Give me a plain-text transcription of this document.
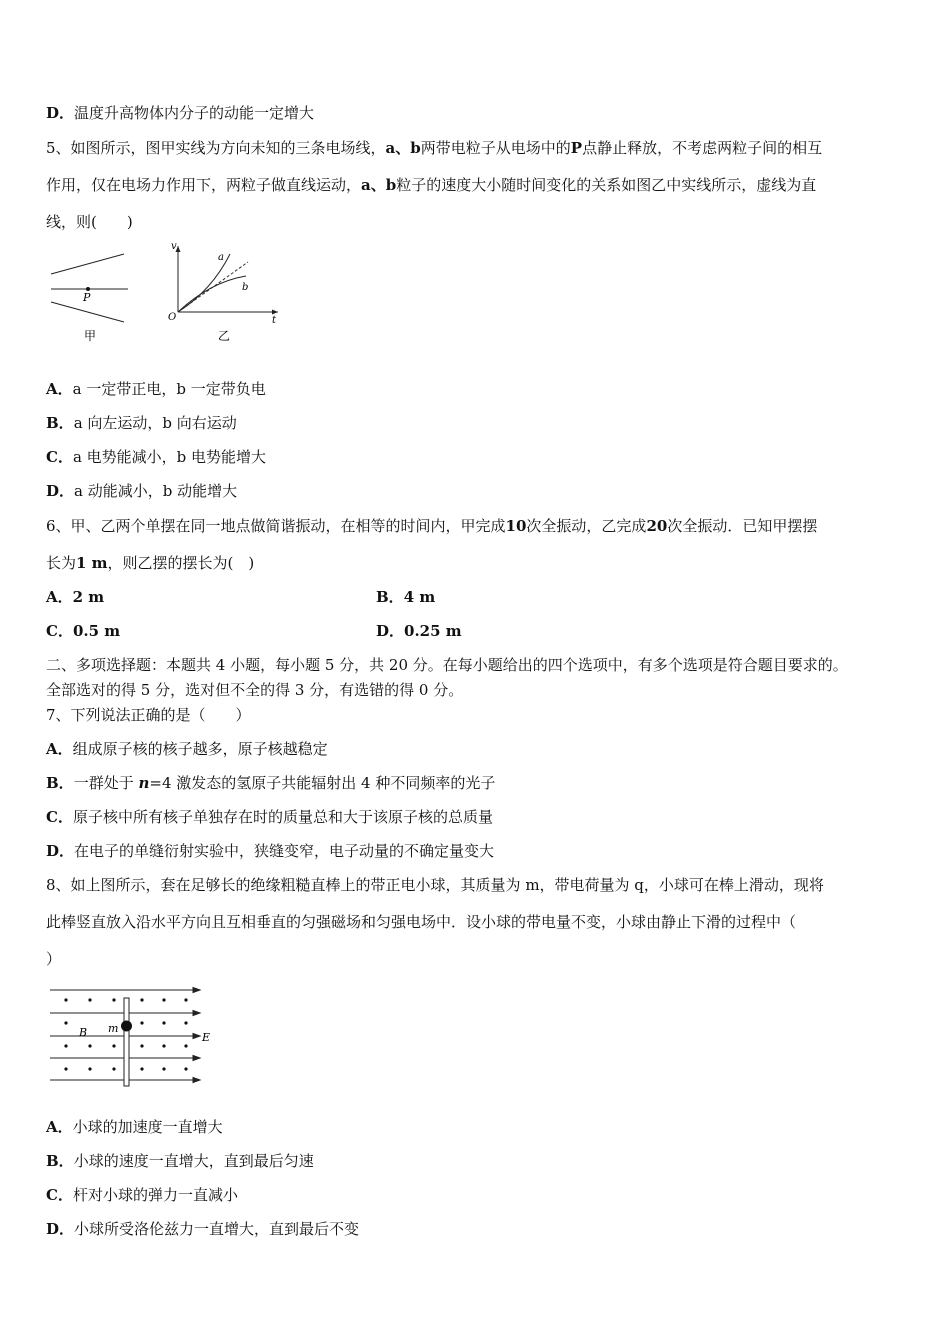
D．温度升高物体内分子的动能一定增大
5、如图所示，图甲实线为方向未知的三条电场线，a、b两带电粒子从电场中的P点静止释放，不考虑两粒子间的相互
作用，仅在电场力作用下，两粒子做直线运动，a、b粒子的速度大小随时间变化的关系如图乙中实线所示，虚线为直
线，则(　　)
P
甲
v
t
O
a
b
乙
A．a 一定带正电，b 一定带负电
B．a 向左运动，b 向右运动
C．a 电势能减小，b 电势能增大
D．a 动能减小，b 动能增大
6、甲、乙两个单摆在同一地点做简谐振动，在相等的时间内，甲完成10次全振动，乙完成20次全振动．已知甲摆摆
长为1 m，则乙摆的摆长为(　)
A．2 m	B．4 m
C．0.5 m	D．0.25 m
二、多项选择题：本题共 4 小题，每小题 5 分，共 20 分。在每小题给出的四个选项中，有多个选项是符合题目要求的。
全部选对的得 5 分，选对但不全的得 3 分，有选错的得 0 分。
7、下列说法正确的是（　　）
A．组成原子核的核子越多，原子核越稳定
B．一群处于 n=4 激发态的氢原子共能辐射出 4 种不同频率的光子
C．原子核中所有核子单独存在时的质量总和大于该原子核的总质量
D．在电子的单缝衍射实验中，狭缝变窄，电子动量的不确定量变大
8、如上图所示，套在足够长的绝缘粗糙直棒上的带正电小球，其质量为 m，带电荷量为 q，小球可在棒上滑动，现将
此棒竖直放入沿水平方向且互相垂直的匀强磁场和匀强电场中．设小球的带电量不变，小球由静止下滑的过程中（
）
B m
E
A．小球的加速度一直增大
B．小球的速度一直增大，直到最后匀速
C．杆对小球的弹力一直减小
D．小球所受洛伦兹力一直增大，直到最后不变
